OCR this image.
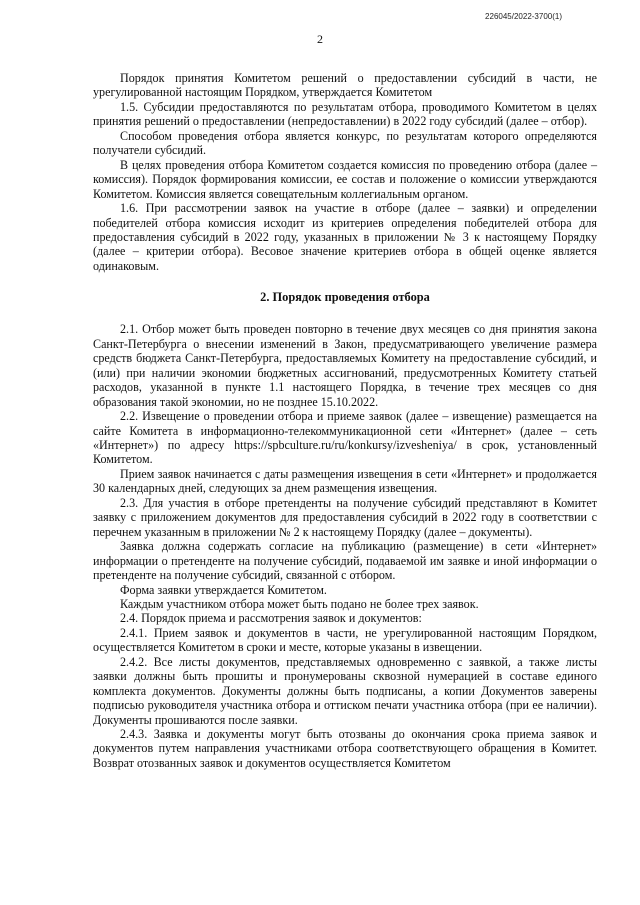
226045/2022-3700(1)
2

Порядок принятия Комитетом решений о предоставлении субсидий в части, не урегулированной настоящим Порядком, утверждается Комитетом

1.5. Субсидии предоставляются по результатам отбора, проводимого Комитетом в целях принятия решений о предоставлении (непредоставлении) в 2022 году субсидий (далее – отбор).

Способом проведения отбора является конкурс, по результатам которого определяются получатели субсидий.

В целях проведения отбора Комитетом создается комиссия по проведению отбора (далее – комиссия). Порядок формирования комиссии, ее состав и положение о комиссии утверждаются Комитетом. Комиссия является совещательным коллегиальным органом.

1.6. При рассмотрении заявок на участие в отборе (далее – заявки) и определении победителей отбора комиссия исходит из критериев определения победителей отбора для предоставления субсидий в 2022 году, указанных в приложении № 3 к настоящему Порядку (далее – критерии отбора). Весовое значение критериев отбора в общей оценке является одинаковым.

2. Порядок проведения отбора

2.1. Отбор может быть проведен повторно в течение двух месяцев со дня принятия закона Санкт-Петербурга о внесении изменений в Закон, предусматривающего увеличение размера средств бюджета Санкт-Петербурга, предоставляемых Комитету на предоставление субсидий, и (или) при наличии экономии бюджетных ассигнований, предусмотренных Комитету статьей расходов, указанной в пункте 1.1 настоящего Порядка, в течение трех месяцев со дня образования такой экономии, но не позднее 15.10.2022.

2.2. Извещение о проведении отбора и приеме заявок (далее – извещение) размещается на сайте Комитета в информационно-телекоммуникационной сети «Интернет» (далее – сеть «Интернет») по адресу https://spbculture.ru/ru/konkursy/izvesheniya/ в срок, установленный Комитетом.

Прием заявок начинается с даты размещения извещения в сети «Интернет» и продолжается 30 календарных дней, следующих за днем размещения извещения.

2.3. Для участия в отборе претенденты на получение субсидий представляют в Комитет заявку с приложением документов для предоставления субсидий в 2022 году в соответствии с перечнем указанным в приложении № 2 к настоящему Порядку (далее – документы).

Заявка должна содержать согласие на публикацию (размещение) в сети «Интернет» информации о претенденте на получение субсидий, подаваемой им заявке и иной информации о претенденте на получение субсидий, связанной с отбором.

Форма заявки утверждается Комитетом.

Каждым участником отбора может быть подано не более трех заявок.

2.4. Порядок приема и рассмотрения заявок и документов:

2.4.1. Прием заявок и документов в части, не урегулированной настоящим Порядком, осуществляется Комитетом в сроки и месте, которые указаны в извещении.

2.4.2. Все листы документов, представляемых одновременно с заявкой, а также листы заявки должны быть прошиты и пронумерованы сквозной нумерацией в составе единого комплекта документов. Документы должны быть подписаны, а копии Документов заверены подписью руководителя участника отбора и оттиском печати участника отбора (при ее наличии). Документы прошиваются после заявки.

2.4.3. Заявка и документы могут быть отозваны до окончания срока приема заявок и документов путем направления участниками отбора соответствующего обращения в Комитет. Возврат отозванных заявок и документов осуществляется Комитетом
